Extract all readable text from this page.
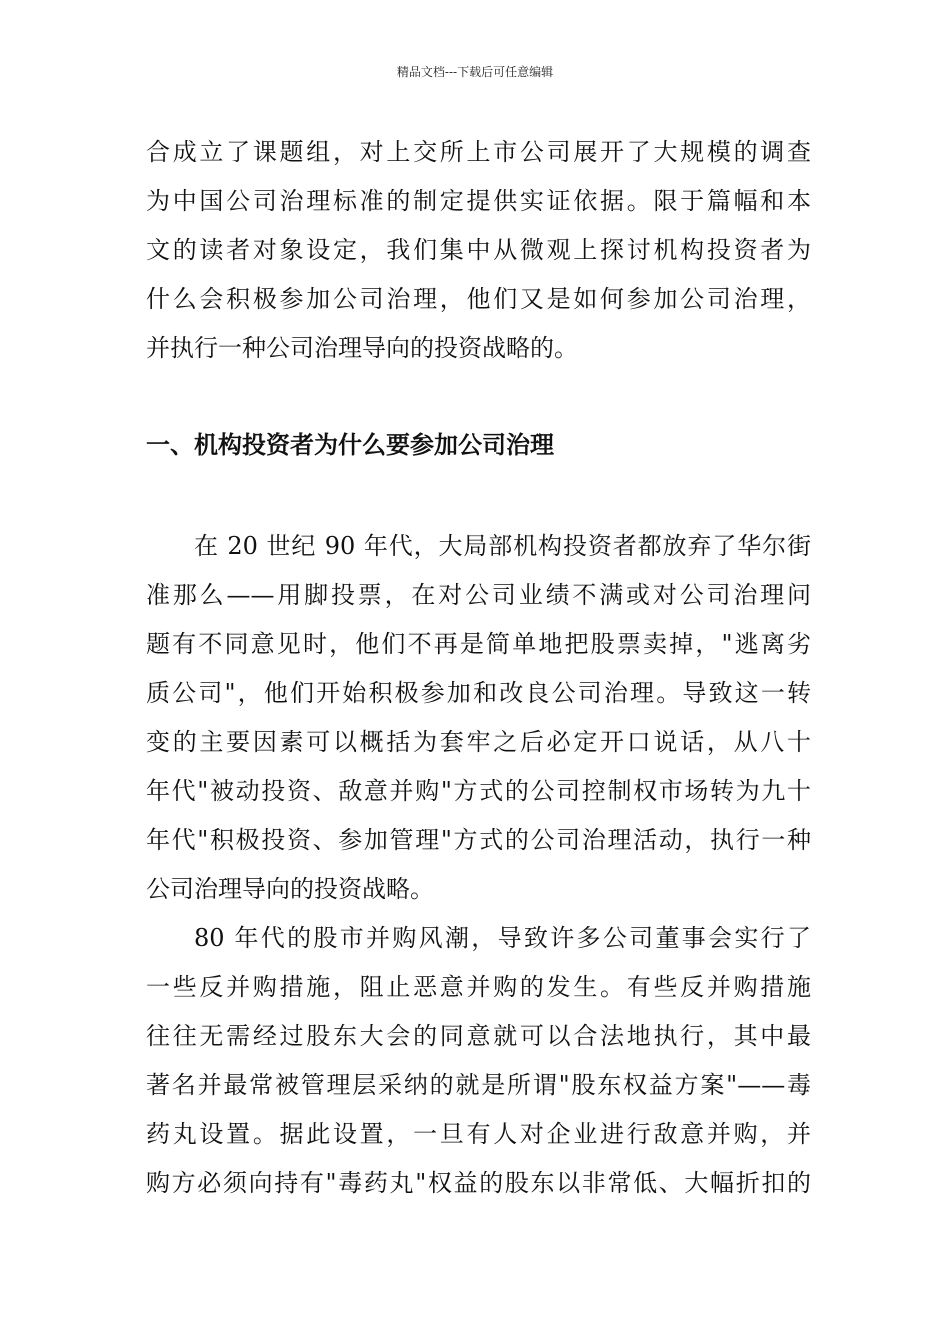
精品文档---下载后可任意编辑
合成立了课题组，对上交所上市公司展开了大规模的调查
为中国公司治理标准的制定提供实证依据。限于篇幅和本
文的读者对象设定，我们集中从微观上探讨机构投资者为
什么会积极参加公司治理，他们又是如何参加公司治理，
并执行一种公司治理导向的投资战略的。
一、机构投资者为什么要参加公司治理
在 20 世纪 90 年代，大局部机构投资者都放弃了华尔街
准那么——用脚投票，在对公司业绩不满或对公司治理问
题有不同意见时，他们不再是简单地把股票卖掉，"逃离劣
质公司"，他们开始积极参加和改良公司治理。导致这一转
变的主要因素可以概括为套牢之后必定开口说话，从八十
年代"被动投资、敌意并购"方式的公司控制权市场转为九十
年代"积极投资、参加管理"方式的公司治理活动，执行一种
公司治理导向的投资战略。
80 年代的股市并购风潮，导致许多公司董事会实行了
一些反并购措施，阻止恶意并购的发生。有些反并购措施
往往无需经过股东大会的同意就可以合法地执行，其中最
著名并最常被管理层采纳的就是所谓"股东权益方案"——毒
药丸设置。据此设置，一旦有人对企业进行敌意并购，并
购方必须向持有"毒药丸"权益的股东以非常低、大幅折扣的
